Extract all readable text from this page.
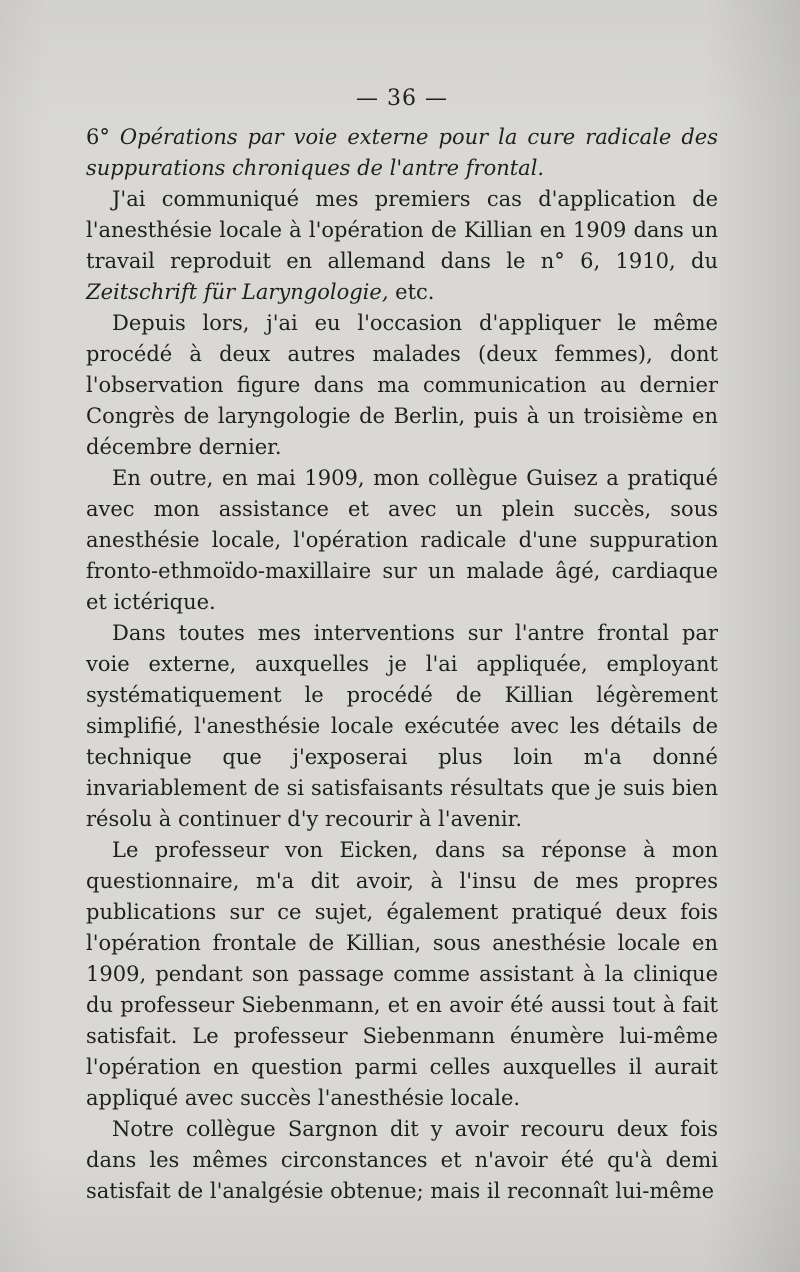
— 36 —

6° Opérations par voie externe pour la cure radicale des suppurations chroniques de l'antre frontal.

J'ai communiqué mes premiers cas d'application de l'anesthésie locale à l'opération de Killian en 1909 dans un travail reproduit en allemand dans le n° 6, 1910, du Zeitschrift für Laryngologie, etc.

Depuis lors, j'ai eu l'occasion d'appliquer le même procédé à deux autres malades (deux femmes), dont l'observation figure dans ma communication au dernier Congrès de laryngologie de Berlin, puis à un troisième en décembre dernier.

En outre, en mai 1909, mon collègue Guisez a pratiqué avec mon assistance et avec un plein succès, sous anesthésie locale, l'opération radicale d'une suppuration fronto-ethmoïdo-maxillaire sur un malade âgé, cardiaque et ictérique.

Dans toutes mes interventions sur l'antre frontal par voie externe, auxquelles je l'ai appliquée, employant systématiquement le procédé de Killian légèrement simplifié, l'anesthésie locale exécutée avec les détails de technique que j'exposerai plus loin m'a donné invariablement de si satisfaisants résultats que je suis bien résolu à continuer d'y recourir à l'avenir.

Le professeur von Eicken, dans sa réponse à mon questionnaire, m'a dit avoir, à l'insu de mes propres publications sur ce sujet, également pratiqué deux fois l'opération frontale de Killian, sous anesthésie locale en 1909, pendant son passage comme assistant à la clinique du professeur Siebenmann, et en avoir été aussi tout à fait satisfait. Le professeur Siebenmann énumère lui-même l'opération en question parmi celles auxquelles il aurait appliqué avec succès l'anesthésie locale.

Notre collègue Sargnon dit y avoir recouru deux fois dans les mêmes circonstances et n'avoir été qu'à demi satisfait de l'analgésie obtenue; mais il reconnaît lui-même
